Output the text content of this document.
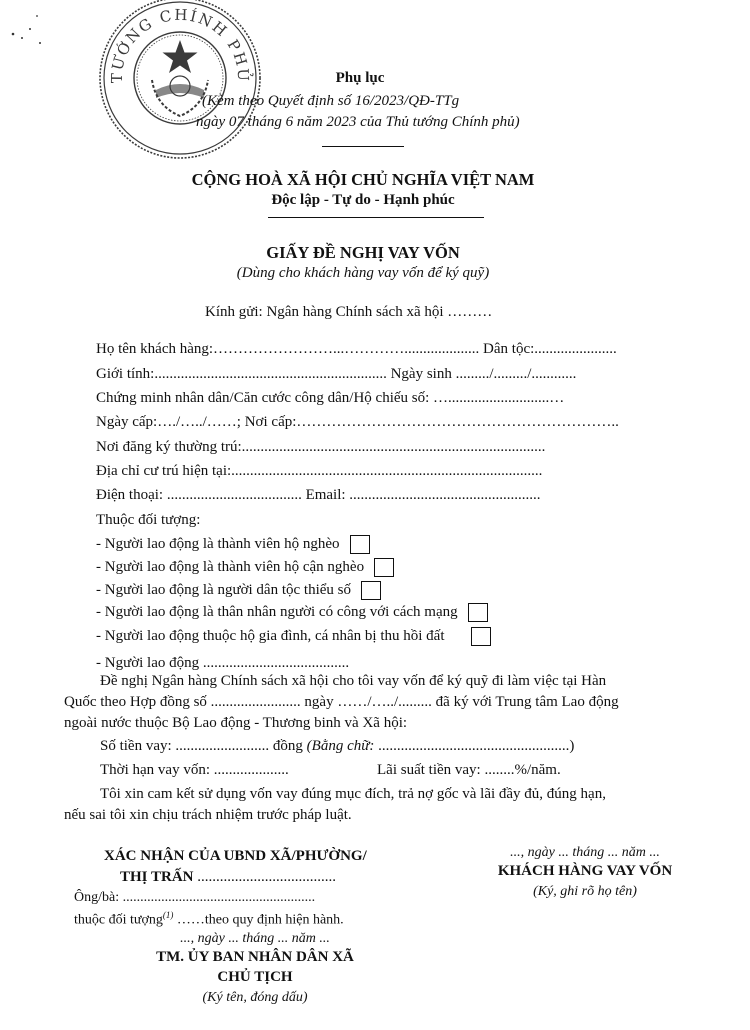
TƯỚNG CHÍNH PHỦ	Phụ lục
(Kèm theo Quyết định số 16/2023/QĐ-TTg
ngày 07 tháng 6 năm 2023 của Thủ tướng Chính phủ)
CỘNG HOÀ XÃ HỘI CHỦ NGHĨA VIỆT NAM
Độc lập - Tự do - Hạnh phúc
GIẤY ĐỀ NGHỊ VAY VỐN
(Dùng cho khách hàng vay vốn để ký quỹ)
Kính gửi: Ngân hàng Chính sách xã hội ………
Họ tên khách hàng:……………………...………….................... Dân tộc:......................
Giới tính:.............................................................. Ngày sinh ........./........./............
Chứng minh nhân dân/Căn cước công dân/Hộ chiếu số: …...........................…
Ngày cấp:…./…../……; Nơi cấp:………………………………………………………..
Nơi đăng ký thường trú:.................................................................................
Địa chỉ cư trú hiện tại:...................................................................................
Điện thoại: .................................... Email: ...................................................
Thuộc đối tượng:
- Người lao động là thành viên hộ nghèo
- Người lao động là thành viên hộ cận nghèo
- Người lao động là người dân tộc thiểu số
- Người lao động là thân nhân người có công với cách mạng
- Người lao động thuộc hộ gia đình, cá nhân bị thu hồi đất
- Người lao động .......................................
Đề nghị Ngân hàng Chính sách xã hội cho tôi vay vốn để ký quỹ đi làm việc tại Hàn
Quốc theo Hợp đồng số ........................ ngày ……/…../......... đã ký với Trung tâm Lao động
ngoài nước thuộc Bộ Lao động - Thương binh và Xã hội:
Số tiền vay: ......................... đồng (Bằng chữ: ...................................................)
Thời hạn vay vốn: ....................	Lãi suất tiền vay: ........%/năm.
Tôi xin cam kết sử dụng vốn vay đúng mục đích, trả nợ gốc và lãi đầy đủ, đúng hạn,
nếu sai tôi xin chịu trách nhiệm trước pháp luật.
XÁC NHẬN CỦA UBND XÃ/PHƯỜNG/
THỊ TRẤN .....................................
Ông/bà: .......................................................
thuộc đối tượng$^{(1)}$ ……theo quy định hiện hành.
..., ngày ... tháng ... năm ...
TM. ỦY BAN NHÂN DÂN XÃ
CHỦ TỊCH
(Ký tên, đóng dấu)
..., ngày ... tháng ... năm ...
KHÁCH HÀNG VAY VỐN
(Ký, ghi rõ họ tên)
